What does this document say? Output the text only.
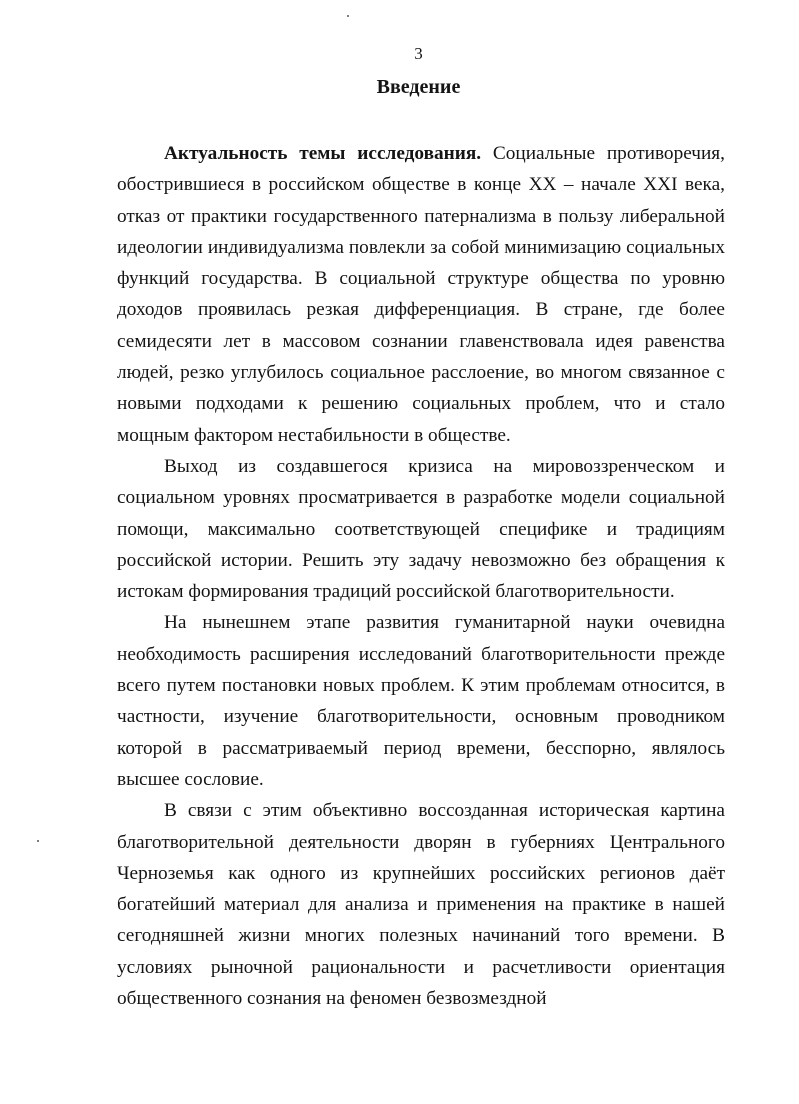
3
Введение

Актуальность темы исследования. Социальные противоречия, обострившиеся в российском обществе в конце XX – начале XXI века, отказ от практики государственного патернализма в пользу либеральной идеологии индивидуализма повлекли за собой минимизацию социальных функций государства. В социальной структуре общества по уровню доходов проявилась резкая дифференциация. В стране, где более семидесяти лет в массовом сознании главенствовала идея равенства людей, резко углубилось социальное расслоение, во многом связанное с новыми подходами к решению социальных проблем, что и стало мощным фактором нестабильности в обществе.

Выход из создавшегося кризиса на мировоззренческом и социальном уровнях просматривается в разработке модели социальной помощи, максимально соответствующей специфике и традициям российской истории. Решить эту задачу невозможно без обращения к истокам формирования традиций российской благотворительности.

На нынешнем этапе развития гуманитарной науки очевидна необходимость расширения исследований благотворительности прежде всего путем постановки новых проблем. К этим проблемам относится, в частности, изучение благотворительности, основным проводником которой в рассматриваемый период времени, бесспорно, являлось высшее сословие.

В связи с этим объективно воссозданная историческая картина благотворительной деятельности дворян в губерниях Центрального Черноземья как одного из крупнейших российских регионов даёт богатейший материал для анализа и применения на практике в нашей сегодняшней жизни многих полезных начинаний того времени. В условиях рыночной рациональности и расчетливости ориентация общественного сознания на феномен безвозмездной
